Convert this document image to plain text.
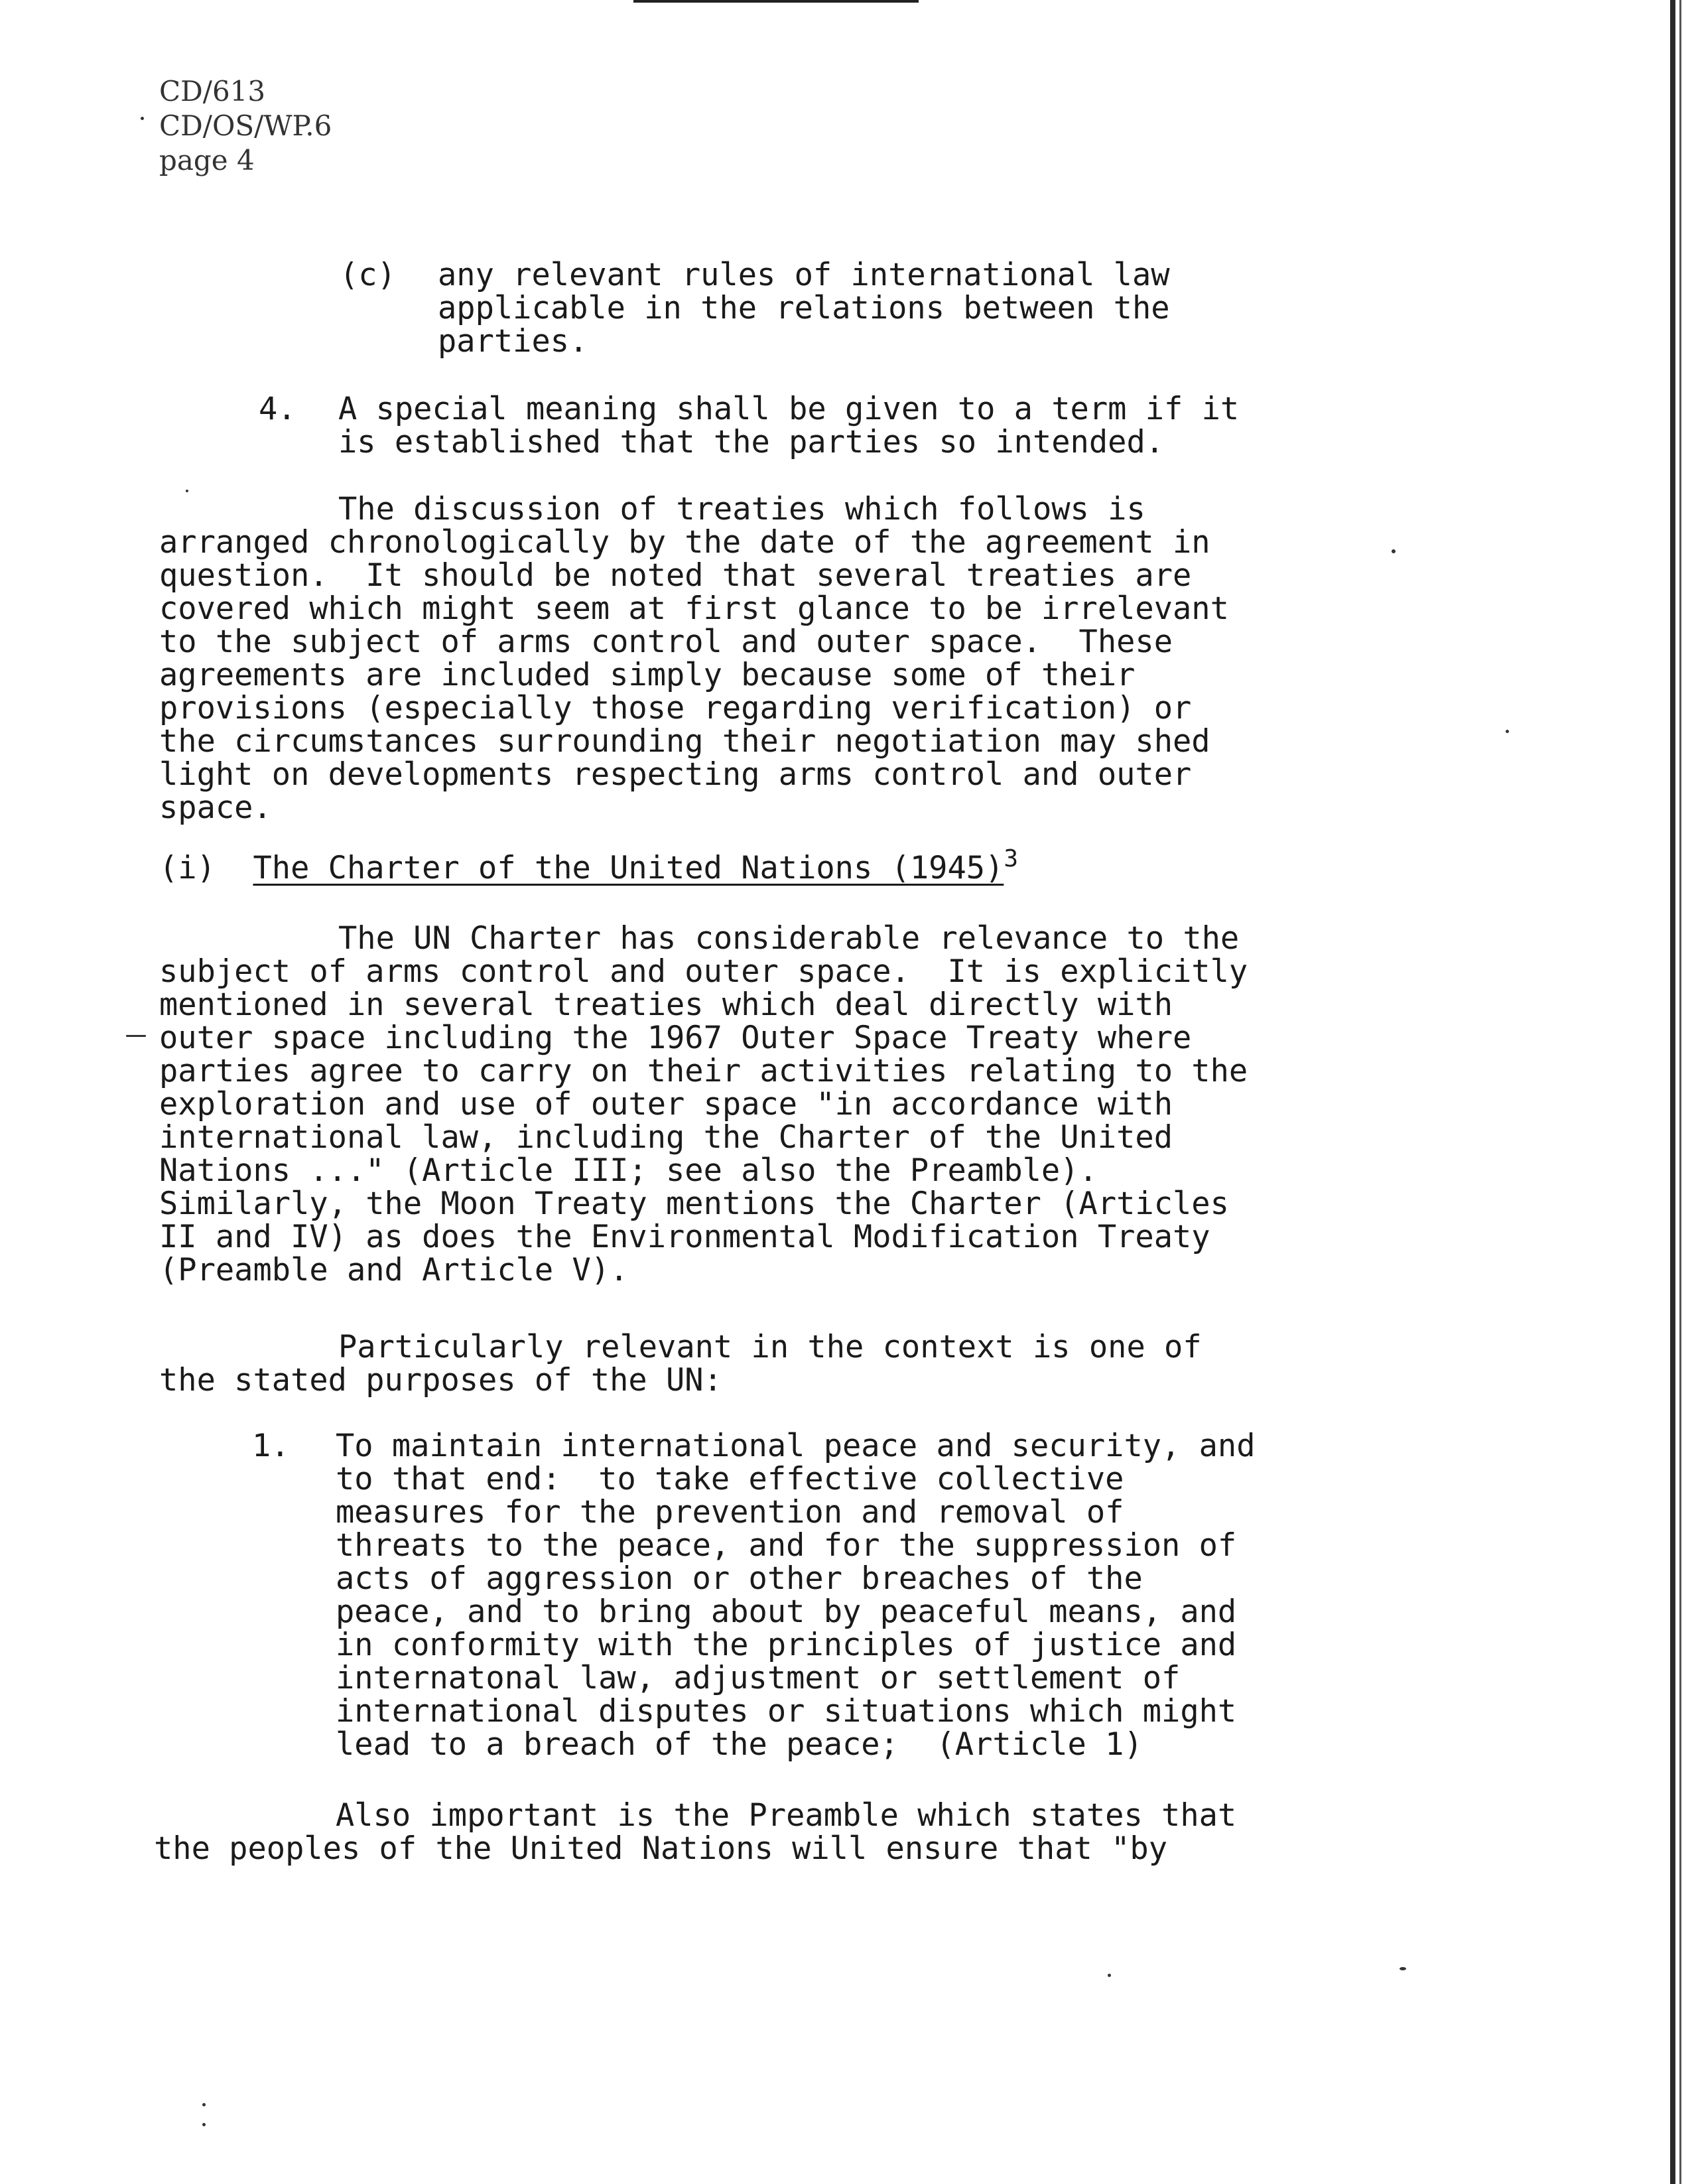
CD/613
CD/OS/WP.6
page 4
(c) any relevant rules of international law
applicable in the relations between the
parties.
4. A special meaning shall be given to a term if it
is established that the parties so intended.
The discussion of treaties which follows is
arranged chronologically by the date of the agreement in
question.  It should be noted that several treaties are
covered which might seem at first glance to be irrelevant
to the subject of arms control and outer space.  These
agreements are included simply because some of their
provisions (especially those regarding verification) or
the circumstances surrounding their negotiation may shed
light on developments respecting arms control and outer
space.
(i) The Charter of the United Nations $(1945)^3$
The UN Charter has considerable relevance to the
subject of arms control and outer space.  It is explicitly
mentioned in several treaties which deal directly with
outer space including the 1967 Outer Space Treaty where
parties agree to carry on their activities relating to the
exploration and use of outer space "in accordance with
international law, including the Charter of the United
Nations ..." (Article III; see also the Preamble).
Similarly, the Moon Treaty mentions the Charter (Articles
II and IV) as does the Environmental Modification Treaty
(Preamble and Article V).
Particularly relevant in the context is one of
the stated purposes of the UN:
1. To maintain international peace and security, and
to that end:  to take effective collective
measures for the prevention and removal of
threats to the peace, and for the suppression of
acts of aggression or other breaches of the
peace, and to bring about by peaceful means, and
in conformity with the principles of justice and
internatonal law, adjustment or settlement of
international disputes or situations which might
lead to a breach of the peace;  (Article 1)
Also important is the Preamble which states that
the peoples of the United Nations will ensure that "by
